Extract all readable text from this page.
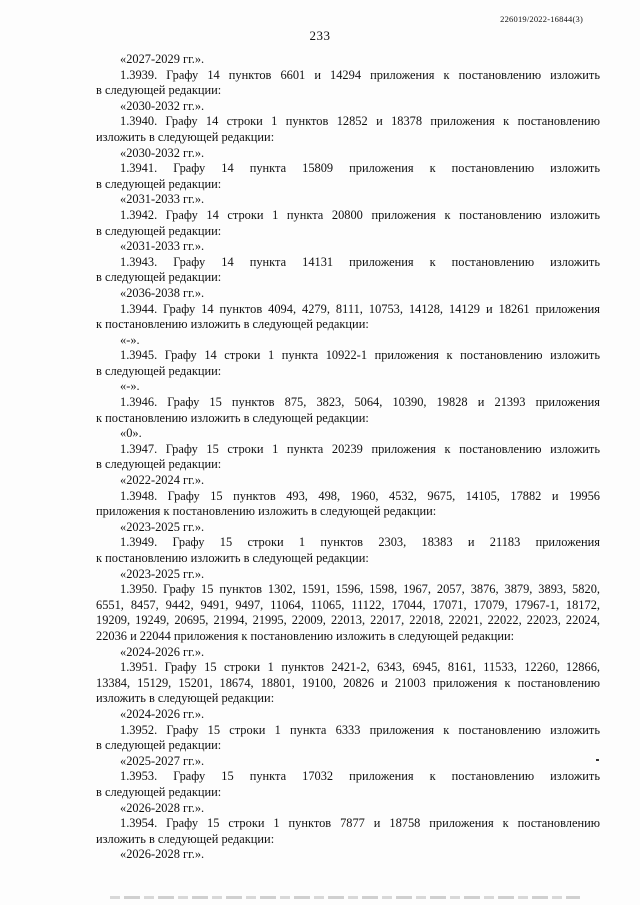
226019/2022-16844(3)
233
«2027-2029 гг.».
1.3939. Графу 14 пунктов 6601 и 14294 приложения к постановлению изложить
в следующей редакции:
«2030-2032 гг.».
1.3940. Графу 14 строки 1 пунктов 12852 и 18378 приложения к постановлению
изложить в следующей редакции:
«2030-2032 гг.».
1.3941. Графу 14 пункта 15809 приложения к постановлению изложить
в следующей редакции:
«2031-2033 гг.».
1.3942. Графу 14 строки 1 пункта 20800 приложения к постановлению изложить
в следующей редакции:
«2031-2033 гг.».
1.3943. Графу 14 пункта 14131 приложения к постановлению изложить
в следующей редакции:
«2036-2038 гг.».
1.3944. Графу 14 пунктов 4094, 4279, 8111, 10753, 14128, 14129 и 18261 приложения
к постановлению изложить в следующей редакции:
«-».
1.3945. Графу 14 строки 1 пункта 10922-1 приложения к постановлению изложить
в следующей редакции:
«-».
1.3946. Графу 15 пунктов 875, 3823, 5064, 10390, 19828 и 21393 приложения
к постановлению изложить в следующей редакции:
«0».
1.3947. Графу 15 строки 1 пункта 20239 приложения к постановлению изложить
в следующей редакции:
«2022-2024 гг.».
1.3948. Графу 15 пунктов 493, 498, 1960, 4532, 9675, 14105, 17882 и 19956
приложения к постановлению изложить в следующей редакции:
«2023-2025 гг.».
1.3949. Графу 15 строки 1 пунктов 2303, 18383 и 21183 приложения
к постановлению изложить в следующей редакции:
«2023-2025 гг.».
1.3950. Графу 15 пунктов 1302, 1591, 1596, 1598, 1967, 2057, 3876, 3879, 3893, 5820,
6551, 8457, 9442, 9491, 9497, 11064, 11065, 11122, 17044, 17071, 17079, 17967-1, 18172,
19209, 19249, 20695, 21994, 21995, 22009, 22013, 22017, 22018, 22021, 22022, 22023, 22024,
22036 и 22044 приложения к постановлению изложить в следующей редакции:
«2024-2026 гг.».
1.3951. Графу 15 строки 1 пунктов 2421-2, 6343, 6945, 8161, 11533, 12260, 12866,
13384, 15129, 15201, 18674, 18801, 19100, 20826 и 21003 приложения к постановлению
изложить в следующей редакции:
«2024-2026 гг.».
1.3952. Графу 15 строки 1 пункта 6333 приложения к постановлению изложить
в следующей редакции:
«2025-2027 гг.».
1.3953. Графу 15 пункта 17032 приложения к постановлению изложить
в следующей редакции:
«2026-2028 гг.».
1.3954. Графу 15 строки 1 пунктов 7877 и 18758 приложения к постановлению
изложить в следующей редакции:
«2026-2028 гг.».
